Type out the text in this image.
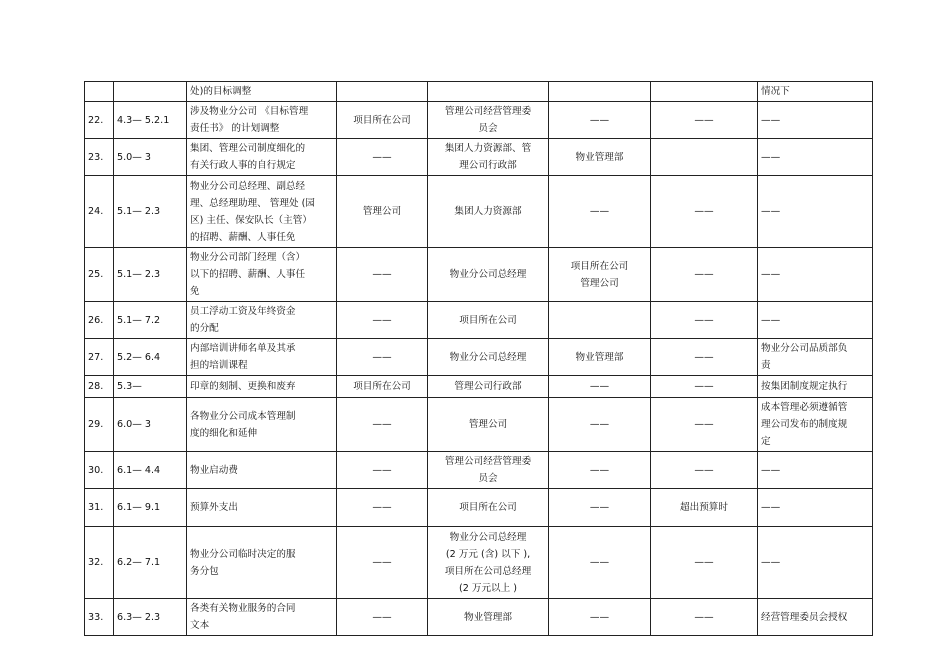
		处)的目标调整					情况下
22.	4.3— 5.2.1	涉及物业分公司 《目标管理
责任书》 的计划调整	项目所在公司	管理公司经营管理委
员会	——	——	——
23.	5.0— 3	集团、管理公司制度细化的
有关行政人事的自行规定	——	集团人力资源部、管
理公司行政部	物业管理部		——
24.	5.1— 2.3	物业分公司总经理、副总经
理、总经理助理、 管理处 (园
区) 主任、保安队长（主管）
的招聘、薪酬、人事任免	管理公司	集团人力资源部	——	——	——
25.	5.1— 2.3	物业分公司部门经理（含）
以下的招聘、薪酬、人事任
免	——	物业分公司总经理	项目所在公司
管理公司	——	——
26.	5.1— 7.2	员工浮动工资及年终资金
的分配	——	项目所在公司		——	——
27.	5.2— 6.4	内部培训讲师名单及其承
担的培训课程	——	物业分公司总经理	物业管理部	——	物业分公司品质部负
责
28.	5.3—	印章的刻制、更换和废弃	项目所在公司	管理公司行政部	——	——	按集团制度规定执行
29.	6.0— 3	各物业分公司成本管理制
度的细化和延伸	——	管理公司	——	——	成本管理必须遵循管
理公司发布的制度规
定
30.	6.1— 4.4	物业启动费	——	管理公司经营管理委
员会	——	——	——
31.	6.1— 9.1	预算外支出	——	项目所在公司	——	超出预算时	——
32.	6.2— 7.1	物业分公司临时决定的服
务分包	——	物业分公司总经理
(2 万元 (含) 以下 ),
项目所在公司总经理
(2 万元以上 )	——	——	——
33.	6.3— 2.3	各类有关物业服务的合同
文本	——	物业管理部	——	——	经营管理委员会授权
